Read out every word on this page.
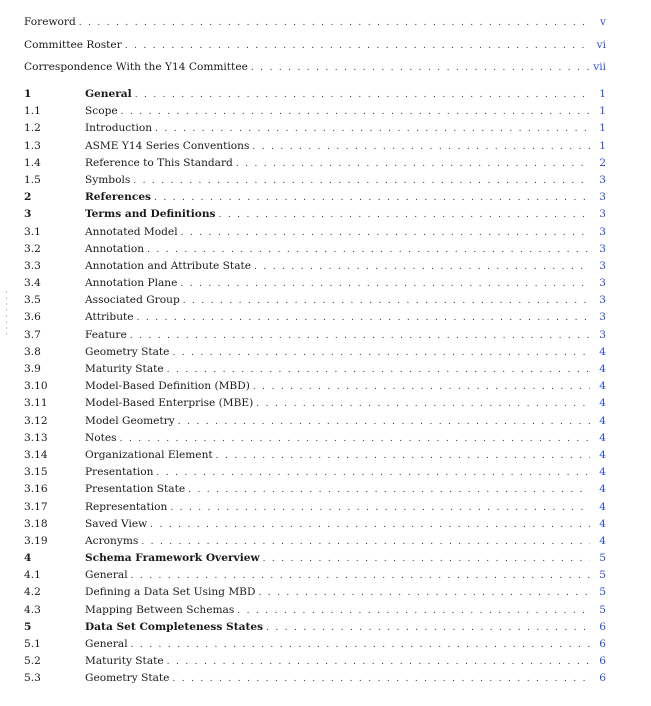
Foreword . . .	v
Committee Roster . . .	vi
Correspondence With the Y14 Committee . . .	vii
1	General . . .	1
1.1	Scope . . .	1
1.2	Introduction . . .	1
1.3	ASME Y14 Series Conventions . . .	1
1.4	Reference to This Standard . . .	2
1.5	Symbols . . .	3
2	References . . .	3
3	Terms and Definitions . . .	3
3.1	Annotated Model . . .	3
3.2	Annotation . . .	3
3.3	Annotation and Attribute State . . .	3
3.4	Annotation Plane . . .	3
3.5	Associated Group . . .	3
3.6	Attribute . . .	3
3.7	Feature . . .	3
3.8	Geometry State . . .	4
3.9	Maturity State . . .	4
3.10	Model-Based Definition (MBD) . . .	4
3.11	Model-Based Enterprise (MBE) . . .	4
3.12	Model Geometry . . .	4
3.13	Notes . . .	4
3.14	Organizational Element . . .	4
3.15	Presentation . . .	4
3.16	Presentation State . . .	4
3.17	Representation . . .	4
3.18	Saved View . . .	4
3.19	Acronyms . . .	4
4	Schema Framework Overview . . .	5
4.1	General . . .	5
4.2	Defining a Data Set Using MBD . . .	5
4.3	Mapping Between Schemas . . .	5
5	Data Set Completeness States . . .	6
5.1	General . . .	6
5.2	Maturity State . . .	6
5.3	Geometry State . . .	6
